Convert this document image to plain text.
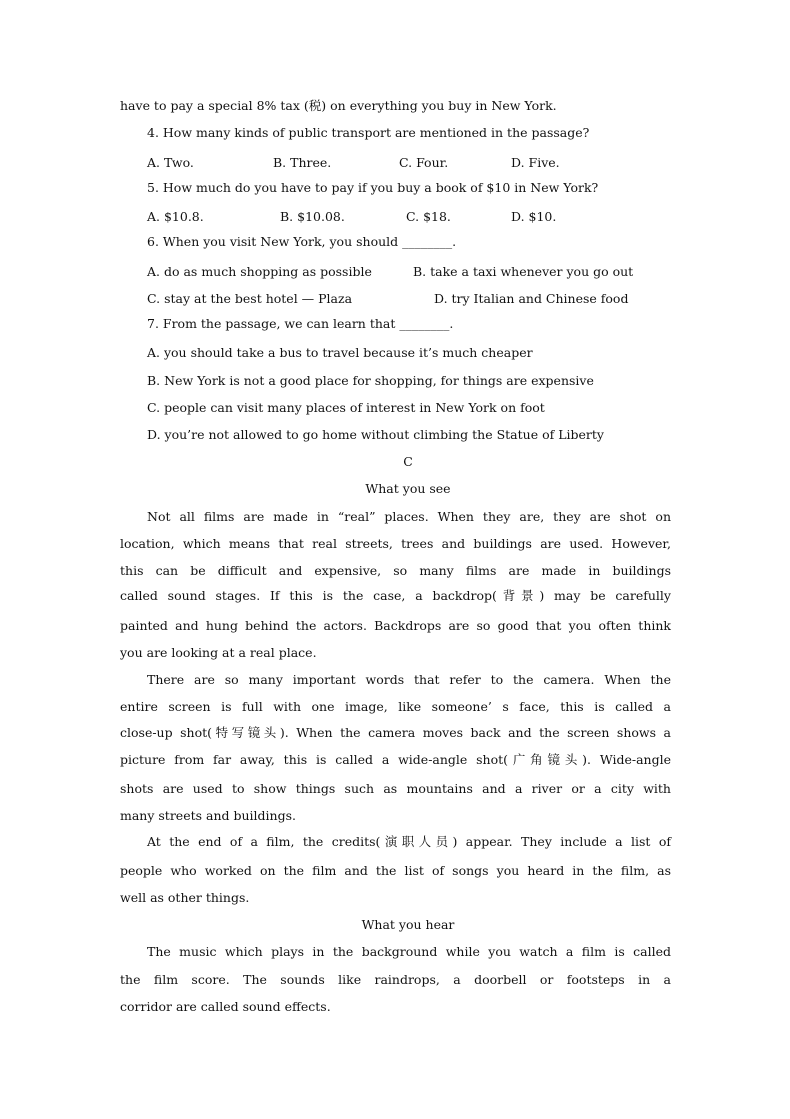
have to pay a special 8% tax (税) on everything you buy in New York.
4. How many kinds of public transport are mentioned in the passage?
A. Two.	B. Three.	C. Four.	D. Five.
5. How much do you have to pay if you buy a book of $10 in New York?
A. $10.8.	B. $10.08.	C. $18.	D. $10.
6. When you visit New York, you should ________.
A. do as much shopping as possible	B. take a taxi whenever you go out
C. stay at the best hotel — Plaza	D. try Italian and Chinese food
7. From the passage, we can learn that ________.
A. you should take a bus to travel because it’s much cheaper
B. New York is not a good place for shopping, for things are expensive
C. people can visit many places of interest in New York on foot
D. you’re not allowed to go home without climbing the Statue of Liberty
C
What you see
Not all films are made in “real” places. When they are, they are shot on
location, which means that real streets, trees and buildings are used. However,
this can be difficult and expensive, so many films are made in buildings
called sound stages. If this is the case, a backdrop(背景) may be carefully
painted and hung behind the actors. Backdrops are so good that you often think
you are looking at a real place.
There are so many important words that refer to the camera. When the
entire screen is full with one image, like someone’ s face, this is called a
close-up shot(特写镜头). When the camera moves back and the screen shows a
picture from far away, this is called a wide-angle shot(广角镜头). Wide-angle
shots are used to show things such as mountains and a river or a city with
many streets and buildings.
At the end of a film, the credits(演职人员) appear. They include a list of
people who worked on the film and the list of songs you heard in the film, as
well as other things.
What you hear
The music which plays in the background while you watch a film is called
the film score. The sounds like raindrops, a doorbell or footsteps in a
corridor are called sound effects.
